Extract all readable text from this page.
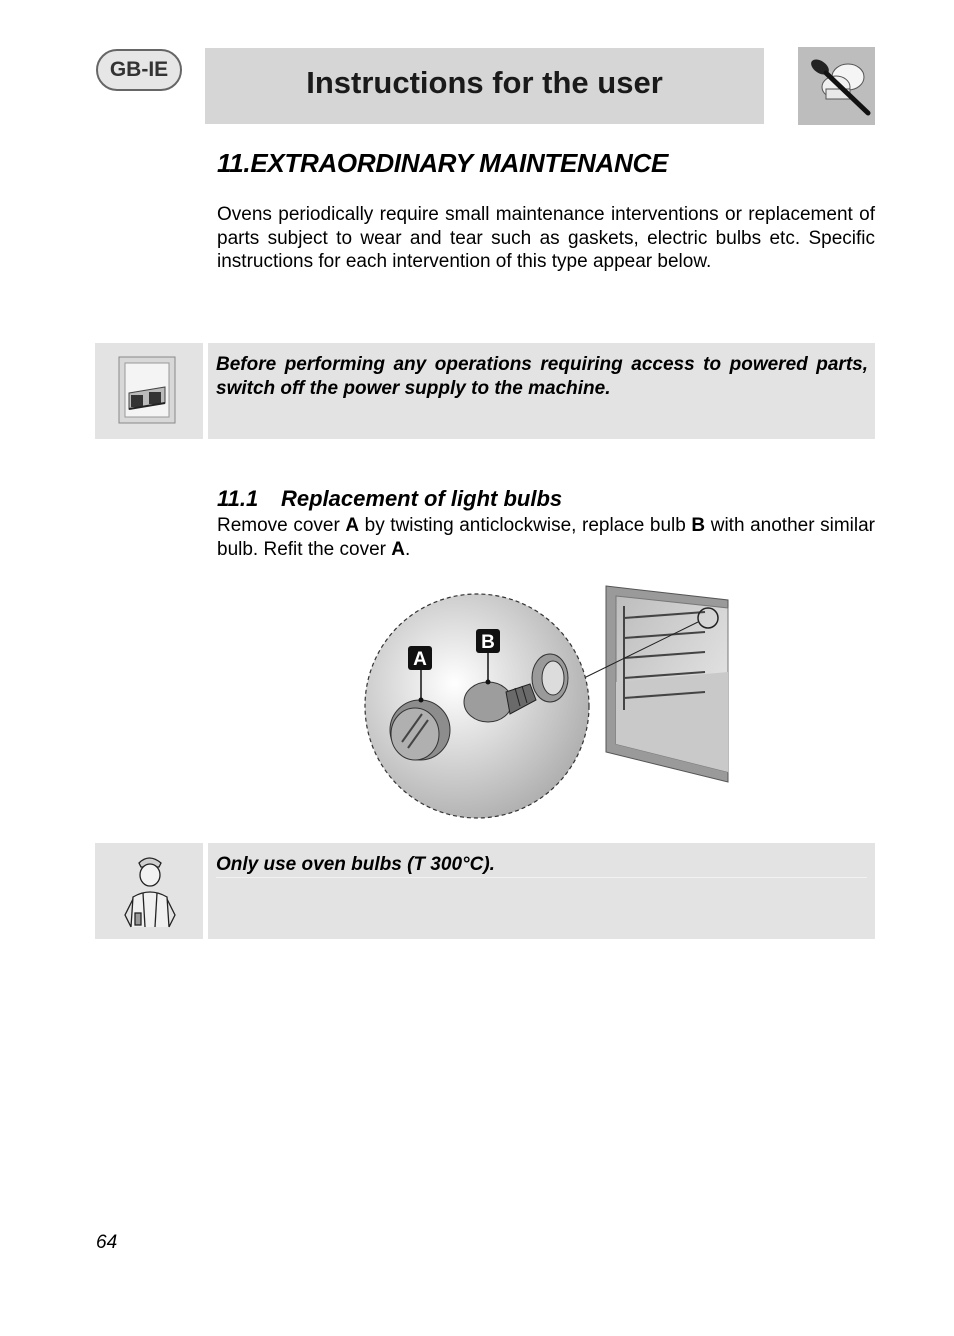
GB-IE	Instructions for the user
11.EXTRAORDINARY MAINTENANCE
Ovens periodically require small maintenance interventions or replacement of parts subject to wear and tear such as gaskets, electric bulbs etc. Specific instructions for each intervention of this type appear below.
Before performing any operations requiring access to powered parts, switch off the power supply to the machine.
11.1 Replacement of light bulbs
Remove cover A by twisting anticlockwise, replace bulb B with another similar bulb. Refit the cover A.
A
B
Only use oven bulbs (T 300°C).
64
